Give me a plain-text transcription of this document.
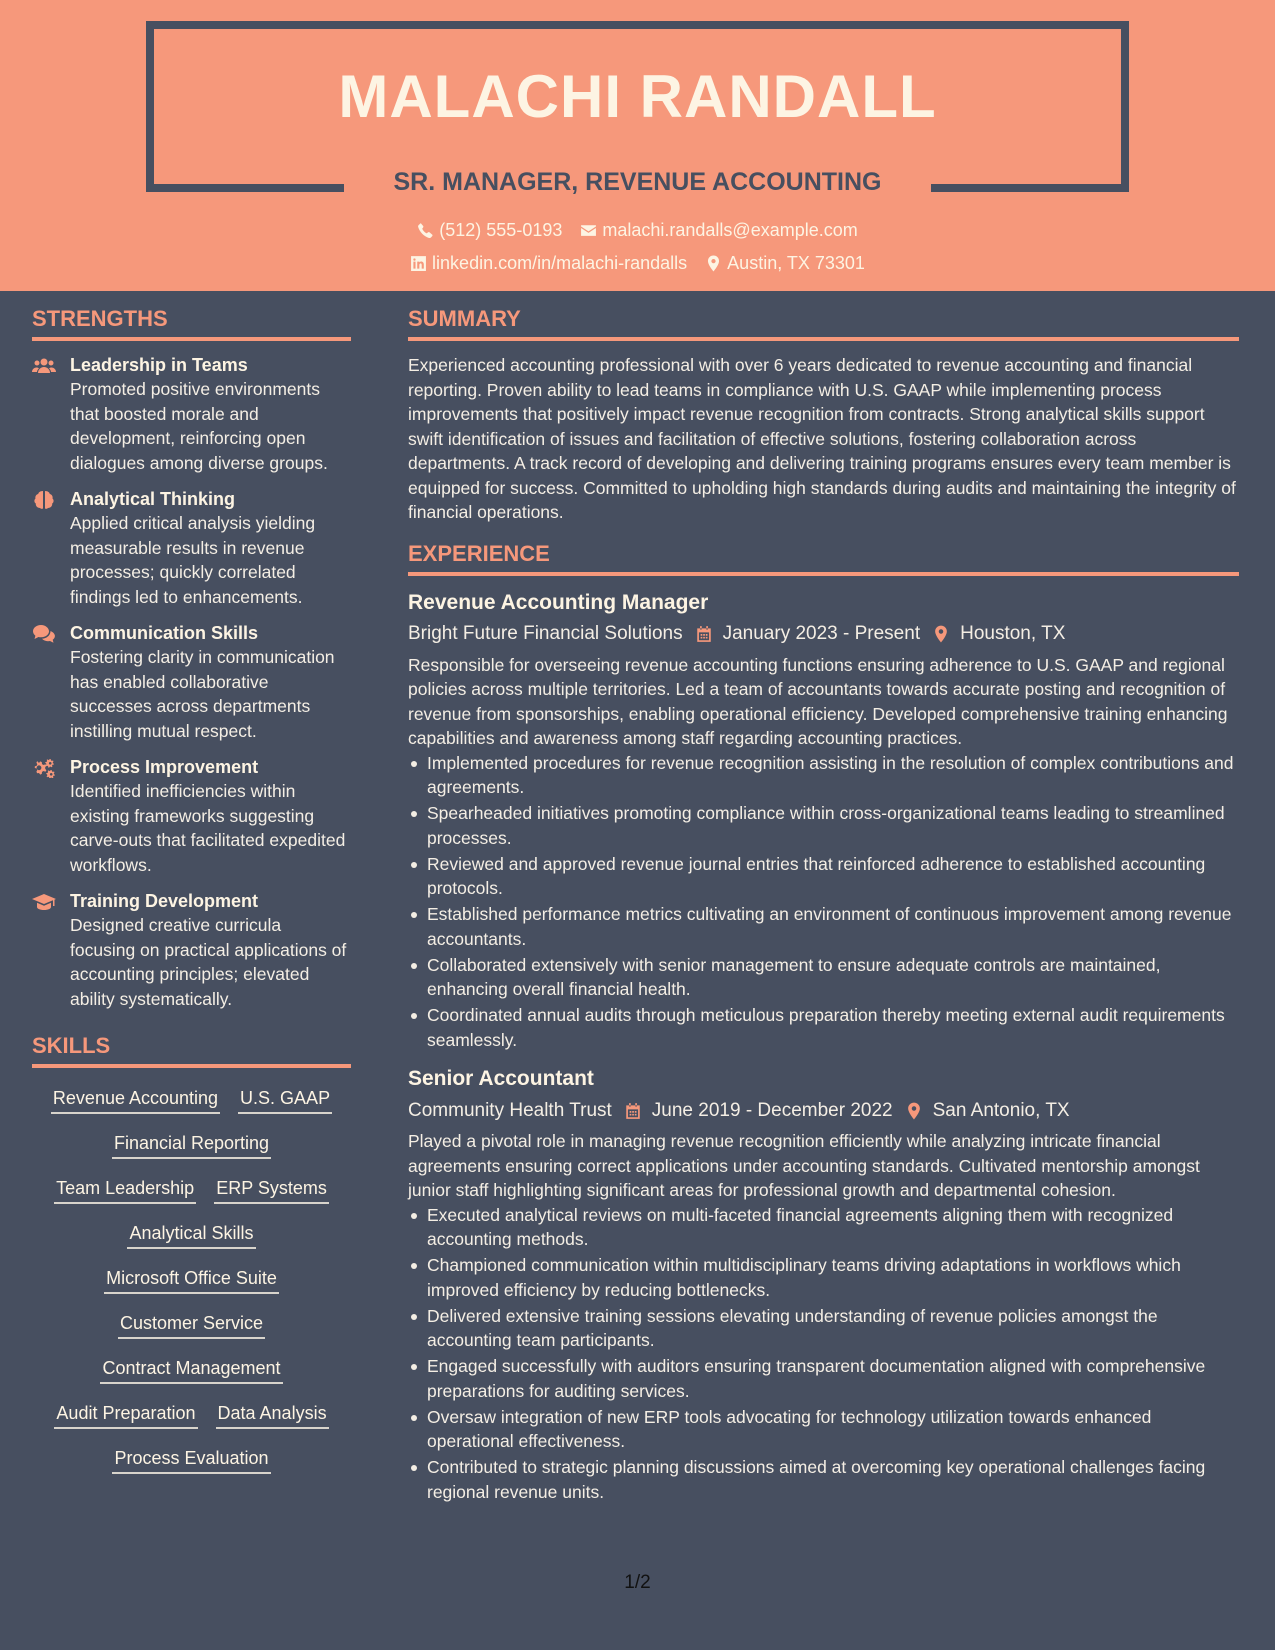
MALACHI RANDALL
SR. MANAGER, REVENUE ACCOUNTING
(512) 555-0193 malachi.randalls@example.com
linkedin.com/in/malachi-randalls Austin, TX 73301
STRENGTHS
Leadership in Teams
Promoted positive environments that boosted morale and development, reinforcing open dialogues among diverse groups.
Analytical Thinking
Applied critical analysis yielding measurable results in revenue processes; quickly correlated findings led to enhancements.
Communication Skills
Fostering clarity in communication has enabled collaborative successes across departments instilling mutual respect.
Process Improvement
Identified inefficiencies within existing frameworks suggesting carve-outs that facilitated expedited workflows.
Training Development
Designed creative curricula focusing on practical applications of accounting principles; elevated ability systematically.
SKILLS
Revenue Accounting U.S. GAAP
Financial Reporting
Team Leadership ERP Systems
Analytical Skills
Microsoft Office Suite
Customer Service
Contract Management
Audit Preparation Data Analysis
Process Evaluation
SUMMARY
Experienced accounting professional with over 6 years dedicated to revenue accounting and financial reporting. Proven ability to lead teams in compliance with U.S. GAAP while implementing process improvements that positively impact revenue recognition from contracts. Strong analytical skills support swift identification of issues and facilitation of effective solutions, fostering collaboration across departments. A track record of developing and delivering training programs ensures every team member is equipped for success. Committed to upholding high standards during audits and maintaining the integrity of financial operations.
EXPERIENCE
Revenue Accounting Manager
Bright Future Financial Solutions January 2023 - Present Houston, TX
Responsible for overseeing revenue accounting functions ensuring adherence to U.S. GAAP and regional policies across multiple territories. Led a team of accountants towards accurate posting and recognition of revenue from sponsorships, enabling operational efficiency. Developed comprehensive training enhancing capabilities and awareness among staff regarding accounting practices.
Implemented procedures for revenue recognition assisting in the resolution of complex contributions and agreements.
Spearheaded initiatives promoting compliance within cross-organizational teams leading to streamlined processes.
Reviewed and approved revenue journal entries that reinforced adherence to established accounting protocols.
Established performance metrics cultivating an environment of continuous improvement among revenue accountants.
Collaborated extensively with senior management to ensure adequate controls are maintained, enhancing overall financial health.
Coordinated annual audits through meticulous preparation thereby meeting external audit requirements seamlessly.
Senior Accountant
Community Health Trust June 2019 - December 2022 San Antonio, TX
Played a pivotal role in managing revenue recognition efficiently while analyzing intricate financial agreements ensuring correct applications under accounting standards. Cultivated mentorship amongst junior staff highlighting significant areas for professional growth and departmental cohesion.
Executed analytical reviews on multi-faceted financial agreements aligning them with recognized accounting methods.
Championed communication within multidisciplinary teams driving adaptations in workflows which improved efficiency by reducing bottlenecks.
Delivered extensive training sessions elevating understanding of revenue policies amongst the accounting team participants.
Engaged successfully with auditors ensuring transparent documentation aligned with comprehensive preparations for auditing services.
Oversaw integration of new ERP tools advocating for technology utilization towards enhanced operational effectiveness.
Contributed to strategic planning discussions aimed at overcoming key operational challenges facing regional revenue units.
1/2
